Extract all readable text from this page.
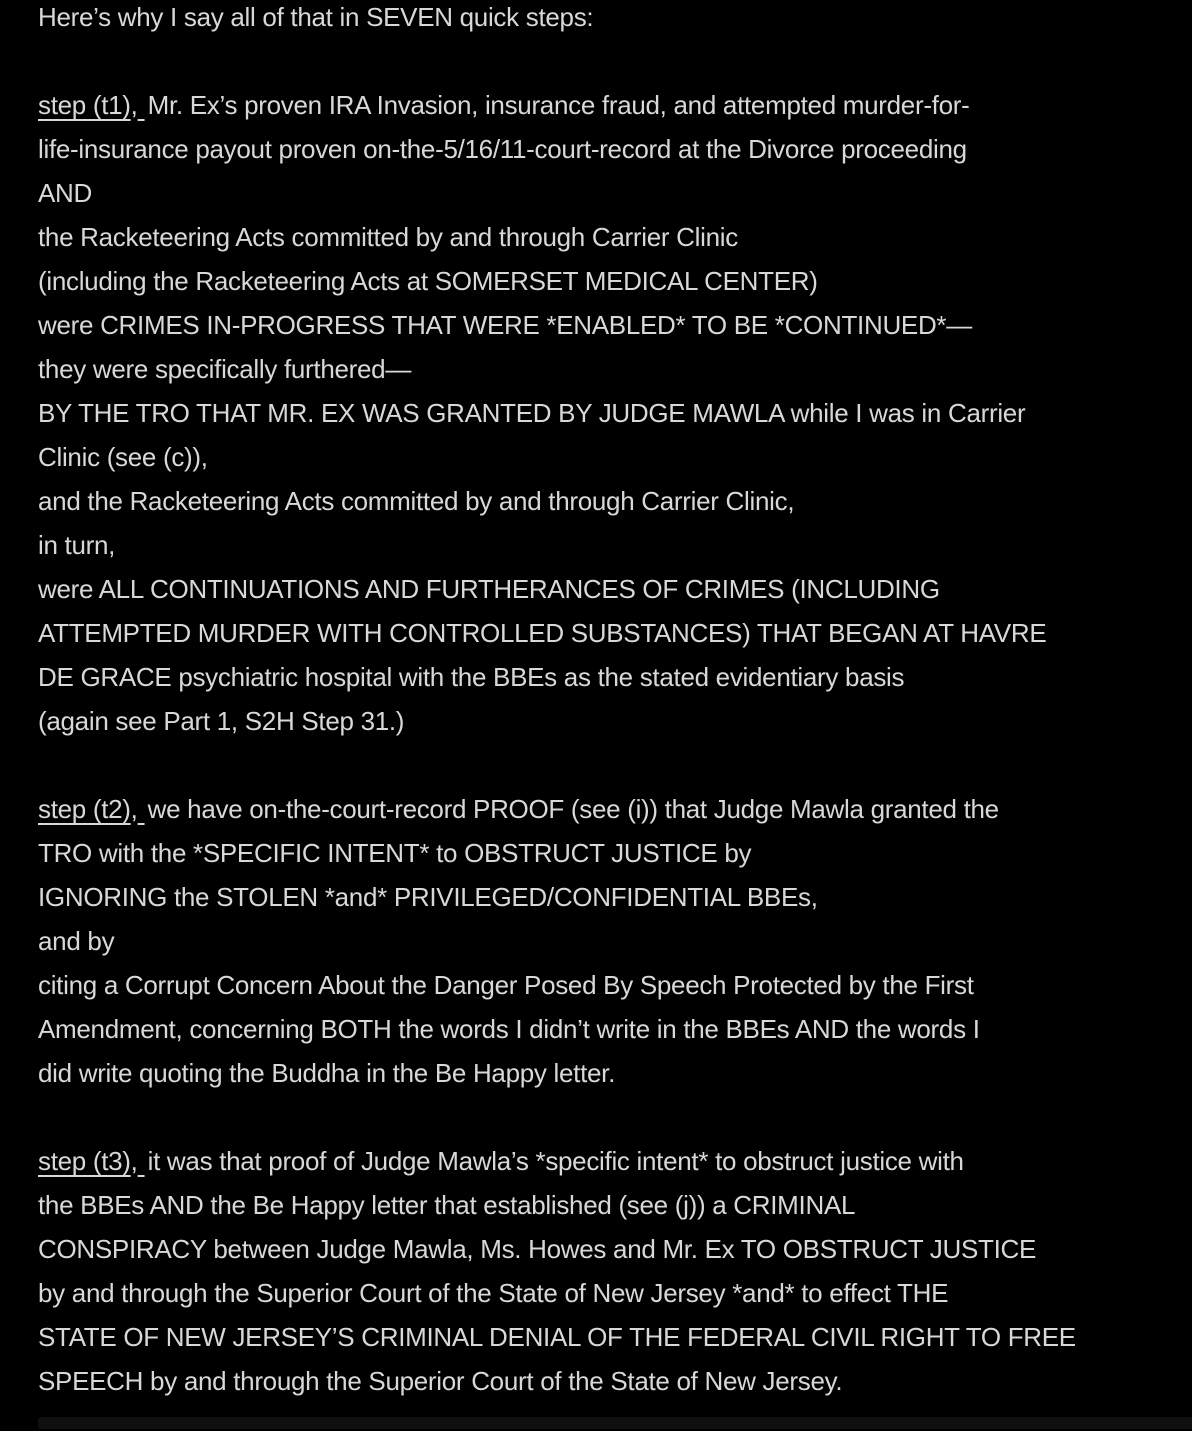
Here’s why I say all of that in SEVEN quick steps:

step (t1), Mr. Ex’s proven IRA Invasion, insurance fraud, and attempted murder-for-
life-insurance payout proven on-the-5/16/11-court-record at the Divorce proceeding
AND
the Racketeering Acts committed by and through Carrier Clinic
(including the Racketeering Acts at SOMERSET MEDICAL CENTER)
were CRIMES IN-PROGRESS THAT WERE *ENABLED* TO BE *CONTINUED*—
they were specifically furthered—
BY THE TRO THAT MR. EX WAS GRANTED BY JUDGE MAWLA while I was in Carrier
Clinic (see (c)),
and the Racketeering Acts committed by and through Carrier Clinic,
in turn,
were ALL CONTINUATIONS AND FURTHERANCES OF CRIMES (INCLUDING
ATTEMPTED MURDER WITH CONTROLLED SUBSTANCES) THAT BEGAN AT HAVRE
DE GRACE psychiatric hospital with the BBEs as the stated evidentiary basis
(again see Part 1, S2H Step 31.)

step (t2), we have on-the-court-record PROOF (see (i)) that Judge Mawla granted the
TRO with the *SPECIFIC INTENT* to OBSTRUCT JUSTICE by
IGNORING the STOLEN *and* PRIVILEGED/CONFIDENTIAL BBEs,
and by
citing a Corrupt Concern About the Danger Posed By Speech Protected by the First
Amendment, concerning BOTH the words I didn’t write in the BBEs AND the words I
did write quoting the Buddha in the Be Happy letter.

step (t3), it was that proof of Judge Mawla’s *specific intent* to obstruct justice with
the BBEs AND the Be Happy letter that established (see (j)) a CRIMINAL
CONSPIRACY between Judge Mawla, Ms. Howes and Mr. Ex TO OBSTRUCT JUSTICE
by and through the Superior Court of the State of New Jersey *and* to effect THE
STATE OF NEW JERSEY’S CRIMINAL DENIAL OF THE FEDERAL CIVIL RIGHT TO FREE
SPEECH by and through the Superior Court of the State of New Jersey.
